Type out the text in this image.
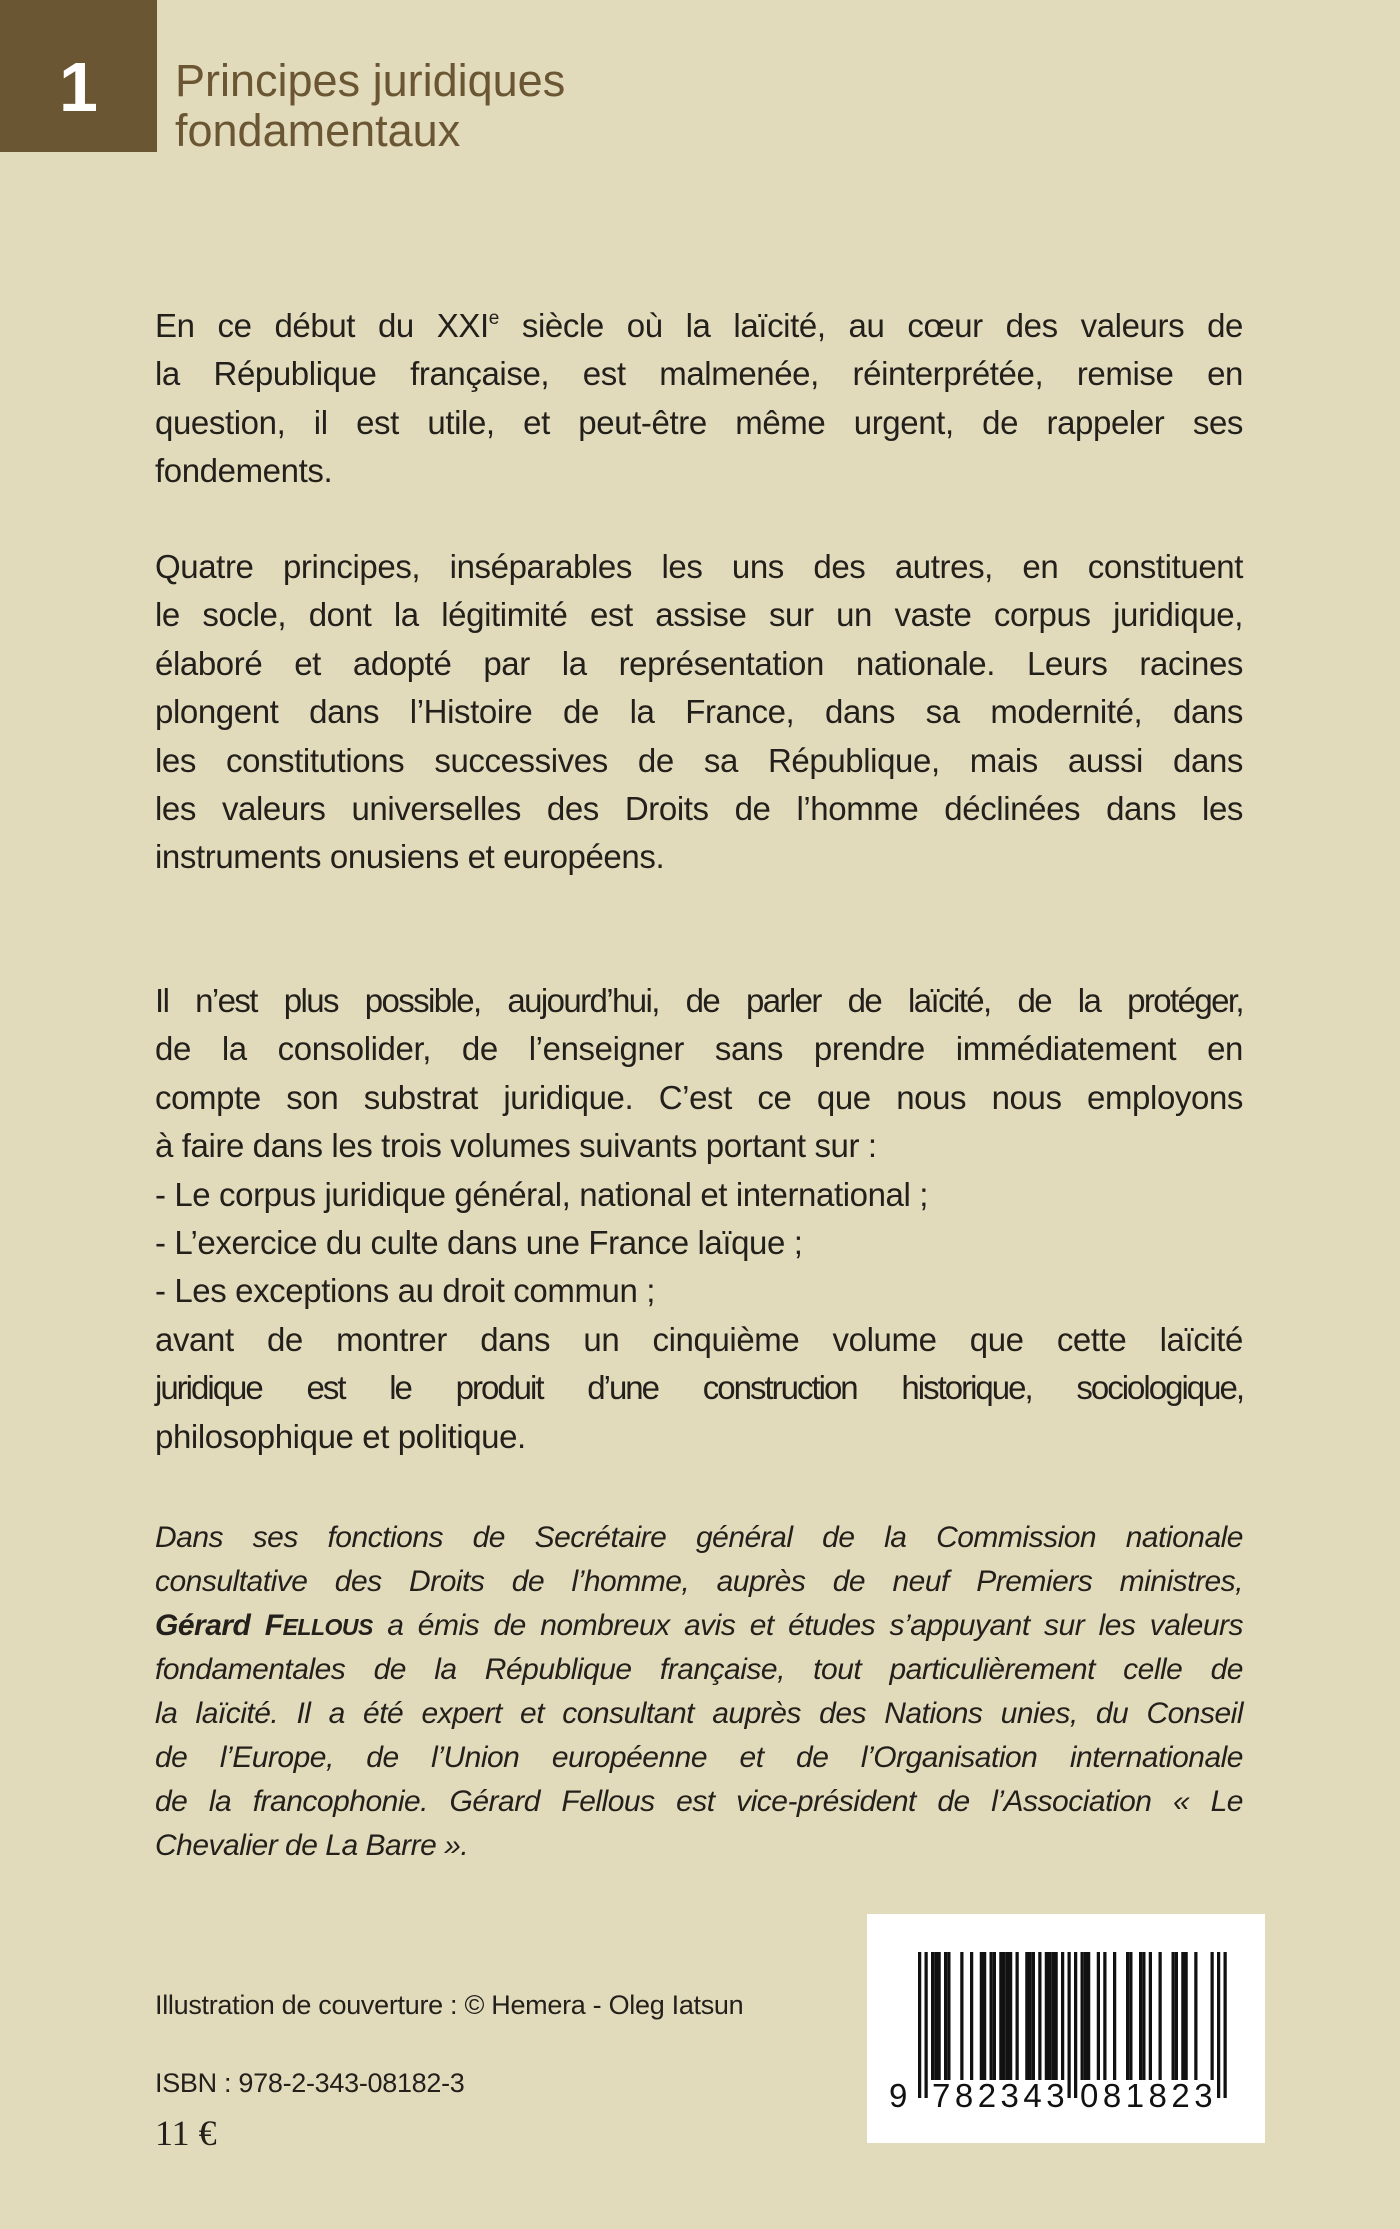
1	Principes juridiques
fondamentaux
En ce début du XXIe siècle où la laïcité, au cœur des valeurs de
la République française, est malmenée, réinterprétée, remise en
question, il est utile, et peut-être même urgent, de rappeler ses
fondements.
Quatre principes, inséparables les uns des autres, en constituent
le socle, dont la légitimité est assise sur un vaste corpus juridique,
élaboré et adopté par la représentation nationale. Leurs racines
plongent dans l’Histoire de la France, dans sa modernité, dans
les constitutions successives de sa République, mais aussi dans
les valeurs universelles des Droits de l’homme déclinées dans les
instruments onusiens et européens.
Il n’est plus possible, aujourd’hui, de parler de laïcité, de la protéger,
de la consolider, de l’enseigner sans prendre immédiatement en
compte son substrat juridique. C’est ce que nous nous employons
à faire dans les trois volumes suivants portant sur :
- Le corpus juridique général, national et international ;
- L’exercice du culte dans une France laïque ;
- Les exceptions au droit commun ;
avant de montrer dans un cinquième volume que cette laïcité
juridique est le produit d’une construction historique, sociologique,
philosophique et politique.
Dans ses fonctions de Secrétaire général de la Commission nationale
consultative des Droits de l’homme, auprès de neuf Premiers ministres,
Gérard FELLOUS a émis de nombreux avis et études s’appuyant sur les valeurs
fondamentales de la République française, tout particulièrement celle de
la laïcité. Il a été expert et consultant auprès des Nations unies, du Conseil
de l’Europe, de l’Union européenne et de l’Organisation internationale
de la francophonie. Gérard Fellous est vice-président de l’Association « Le
Chevalier de La Barre ».
Illustration de couverture : © Hemera - Oleg Iatsun
ISBN : 978-2-343-08182-3
11 €
9 782343 081823
